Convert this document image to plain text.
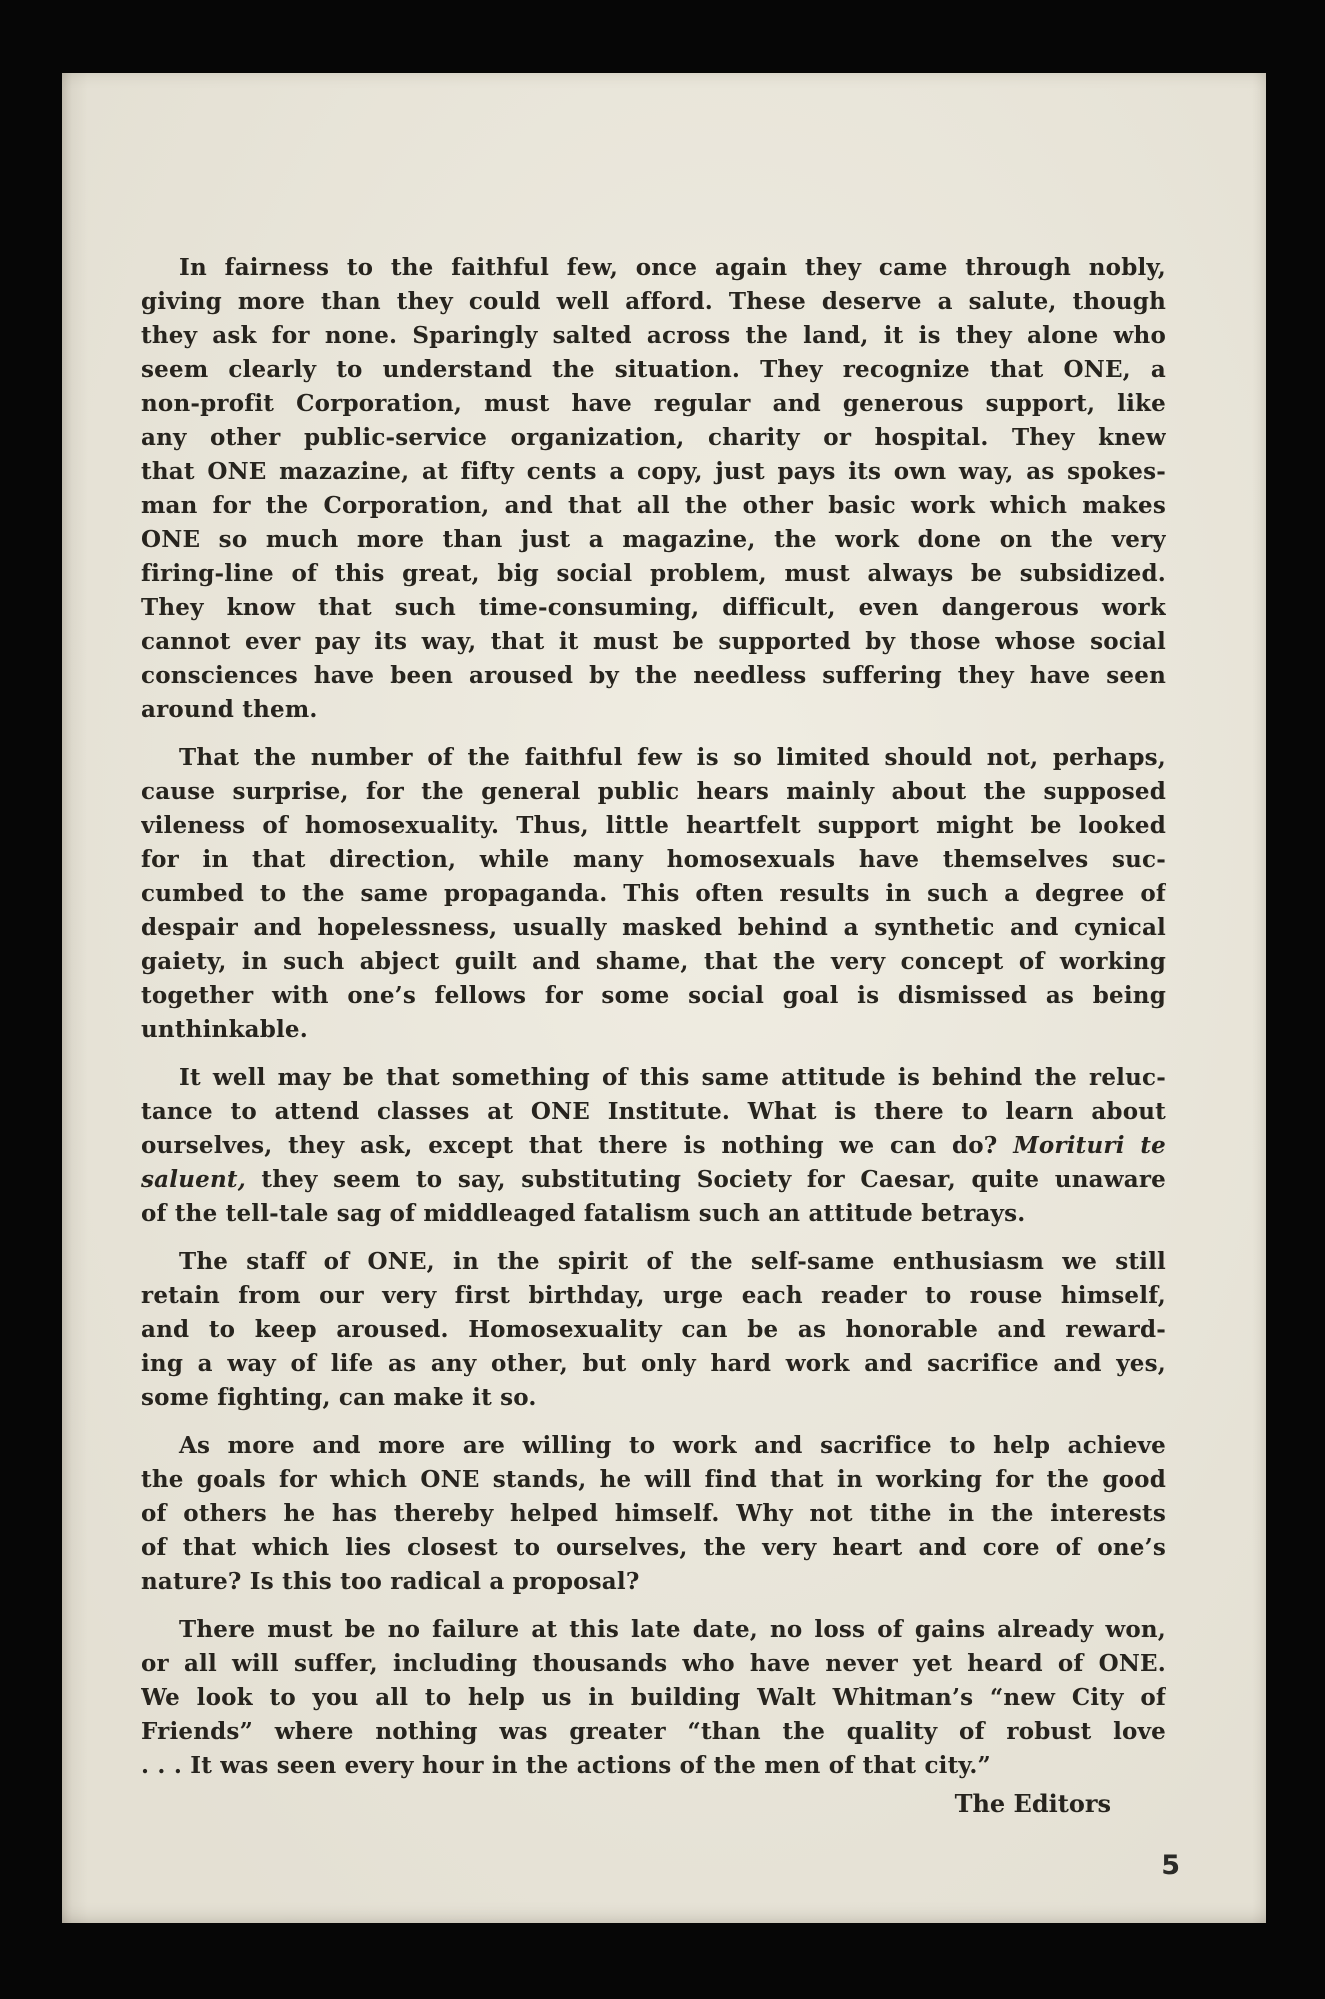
In fairness to the faithful few, once again they came through nobly,
giving more than they could well afford. These deserve a salute, though
they ask for none. Sparingly salted across the land, it is they alone who
seem clearly to understand the situation. They recognize that ONE, a
non-profit Corporation, must have regular and generous support, like
any other public-service organization, charity or hospital. They knew
that ONE mazazine, at fifty cents a copy, just pays its own way, as spokes-
man for the Corporation, and that all the other basic work which makes
ONE so much more than just a magazine, the work done on the very
firing-line of this great, big social problem, must always be subsidized.
They know that such time-consuming, difficult, even dangerous work
cannot ever pay its way, that it must be supported by those whose social
consciences have been aroused by the needless suffering they have seen
around them.

That the number of the faithful few is so limited should not, perhaps,
cause surprise, for the general public hears mainly about the supposed
vileness of homosexuality. Thus, little heartfelt support might be looked
for in that direction, while many homosexuals have themselves suc-
cumbed to the same propaganda. This often results in such a degree of
despair and hopelessness, usually masked behind a synthetic and cynical
gaiety, in such abject guilt and shame, that the very concept of working
together with one’s fellows for some social goal is dismissed as being
unthinkable.

It well may be that something of this same attitude is behind the reluc-
tance to attend classes at ONE Institute. What is there to learn about
ourselves, they ask, except that there is nothing we can do? Morituri te
saluent, they seem to say, substituting Society for Caesar, quite unaware
of the tell-tale sag of middleaged fatalism such an attitude betrays.

The staff of ONE, in the spirit of the self-same enthusiasm we still
retain from our very first birthday, urge each reader to rouse himself,
and to keep aroused. Homosexuality can be as honorable and reward-
ing a way of life as any other, but only hard work and sacrifice and yes,
some fighting, can make it so.

As more and more are willing to work and sacrifice to help achieve
the goals for which ONE stands, he will find that in working for the good
of others he has thereby helped himself. Why not tithe in the interests
of that which lies closest to ourselves, the very heart and core of one’s
nature? Is this too radical a proposal?

There must be no failure at this late date, no loss of gains already won,
or all will suffer, including thousands who have never yet heard of ONE.
We look to you all to help us in building Walt Whitman’s “new City of
Friends” where nothing was greater “than the quality of robust love
. . . It was seen every hour in the actions of the men of that city.”

The Editors
5
